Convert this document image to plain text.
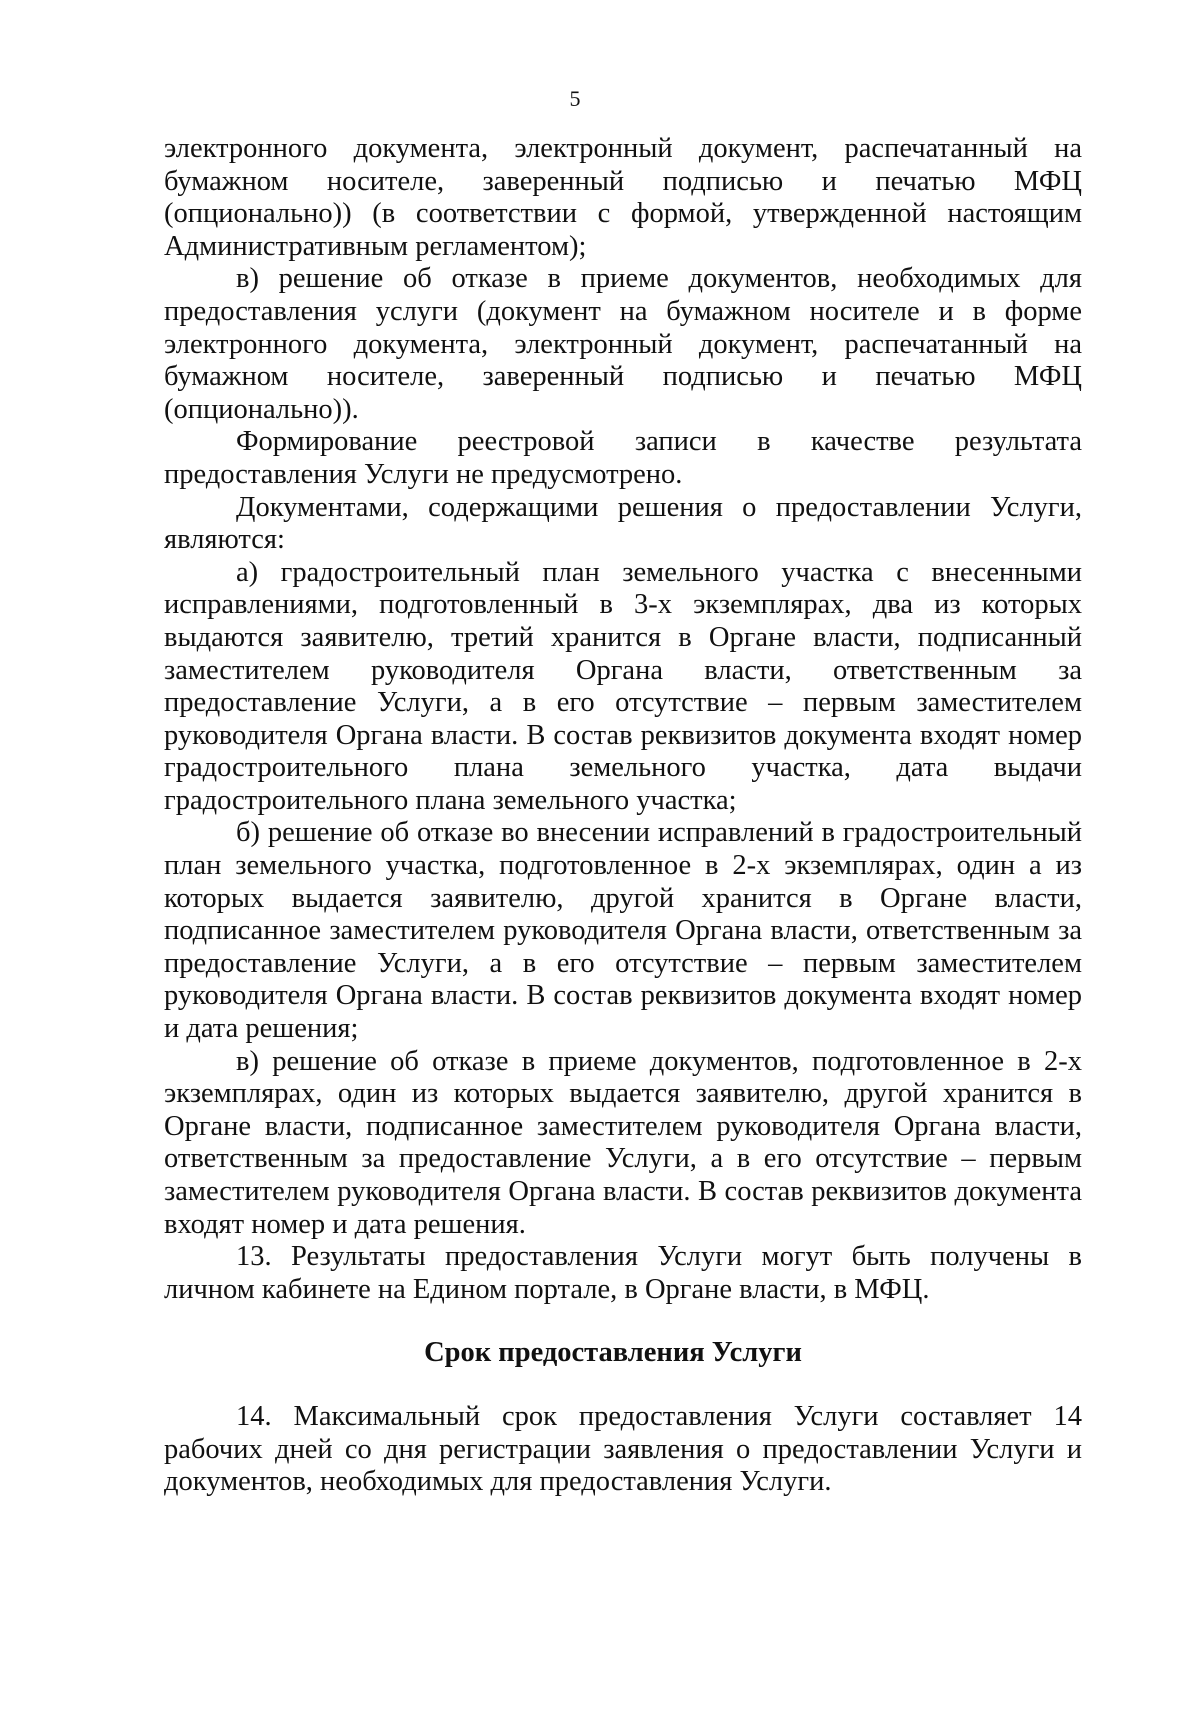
5

электронного документа, электронный документ, распечатанный на бумажном носителе, заверенный подписью и печатью МФЦ (опционально)) (в соответствии с формой, утвержденной настоящим Административным регламентом);

в) решение об отказе в приеме документов, необходимых для предоставления услуги (документ на бумажном носителе и в форме электронного документа, электронный документ, распечатанный на бумажном носителе, заверенный подписью и печатью МФЦ (опционально)).

Формирование реестровой записи в качестве результата предоставления Услуги не предусмотрено.

Документами, содержащими решения о предоставлении Услуги, являются:

а) градостроительный план земельного участка с внесенными исправлениями, подготовленный в 3-х экземплярах, два из которых выдаются заявителю, третий хранится в Органе власти, подписанный заместителем руководителя Органа власти, ответственным за предоставление Услуги, а в его отсутствие – первым заместителем руководителя Органа власти. В состав реквизитов документа входят номер градостроительного плана земельного участка, дата выдачи градостроительного плана земельного участка;

б) решение об отказе во внесении исправлений в градостроительный план земельного участка, подготовленное в 2-х экземплярах, один а из которых выдается заявителю, другой хранится в Органе власти, подписанное заместителем руководителя Органа власти, ответственным за предоставление Услуги, а в его отсутствие – первым заместителем руководителя Органа власти. В состав реквизитов документа входят номер и дата решения;

в) решение об отказе в приеме документов, подготовленное в 2-х экземплярах, один из которых выдается заявителю, другой хранится в Органе власти, подписанное заместителем руководителя Органа власти, ответственным за предоставление Услуги, а в его отсутствие – первым заместителем руководителя Органа власти. В состав реквизитов документа входят номер и дата решения.

13. Результаты предоставления Услуги могут быть получены в личном кабинете на Едином портале, в Органе власти, в МФЦ.

Срок предоставления Услуги

14. Максимальный срок предоставления Услуги составляет 14 рабочих дней со дня регистрации заявления о предоставлении Услуги и документов, необходимых для предоставления Услуги.
